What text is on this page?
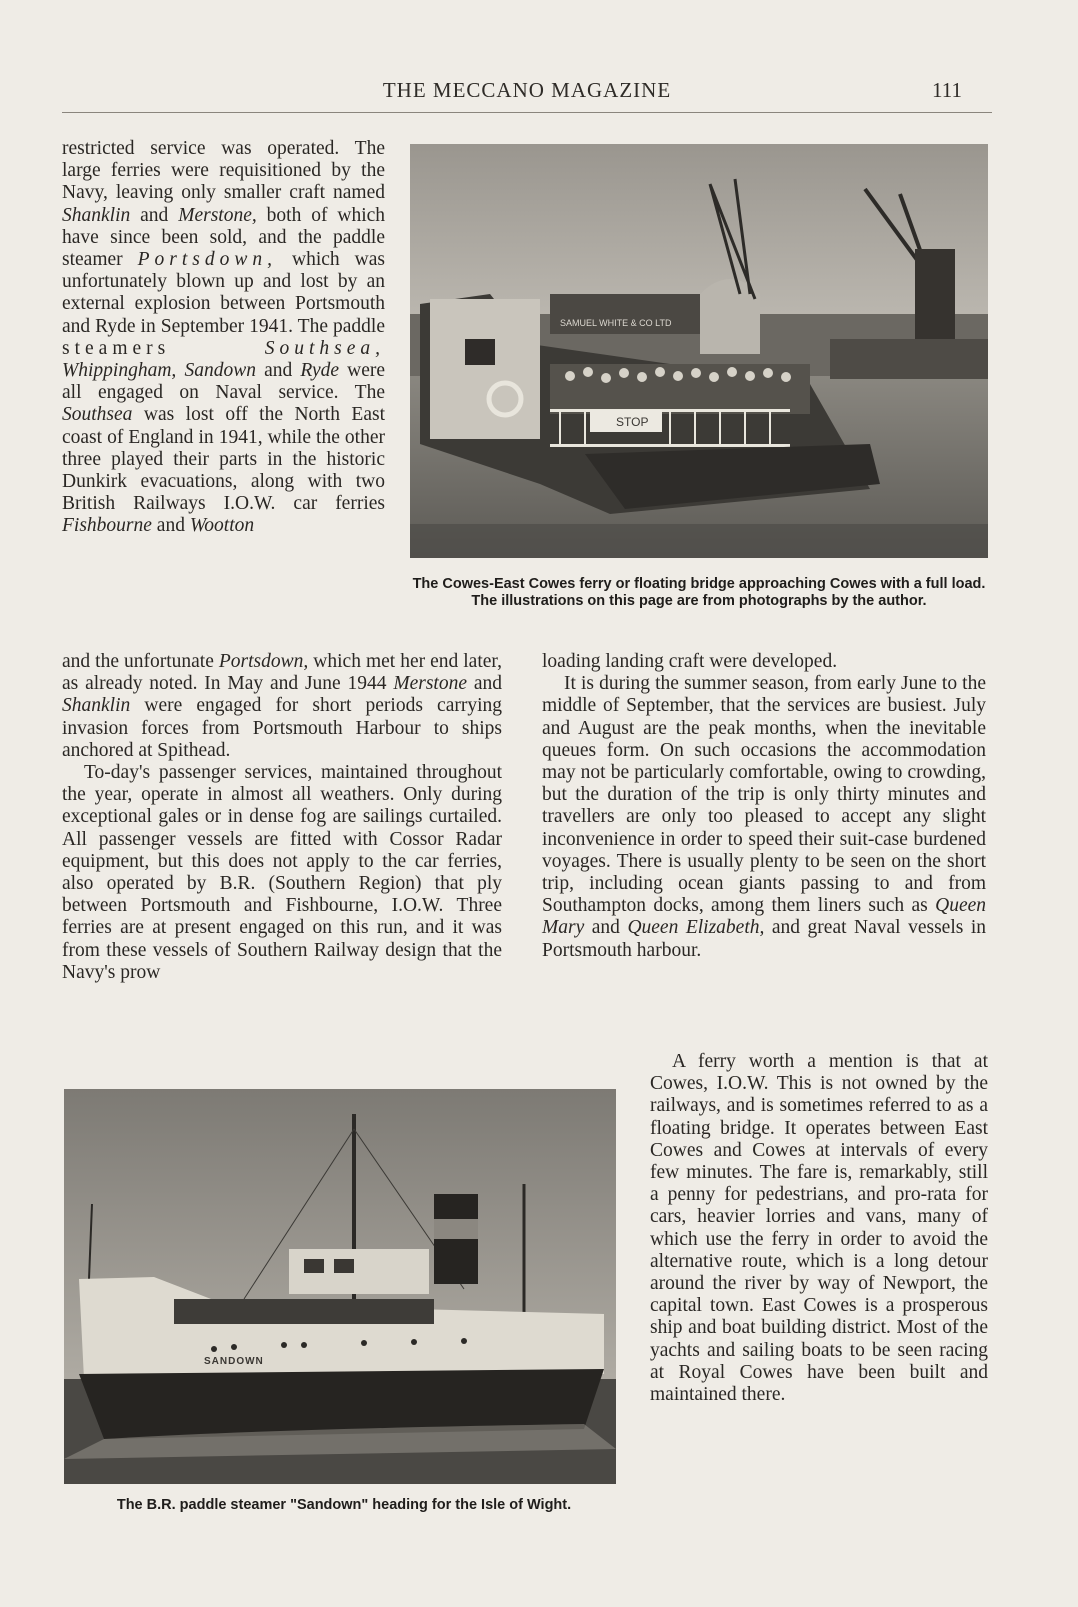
THE MECCANO MAGAZINE	111

restricted service was operated. The large ferries were requisitioned by the Navy, leaving only smaller craft named Shanklin and Merstone, both of which have since been sold, and the paddle steamer Portsdown, which was unfortunately blown up and lost by an external explosion between Portsmouth and Ryde in September 1941. The paddle steamers	Southsea, Whippingham, Sandown and Ryde were all engaged on Naval service. The Southsea was lost off the North East coast of England in 1941, while the other three played their parts in the historic Dunkirk evacuations, along with two British Railways I.O.W. car ferries Fishbourne and Wootton

and the unfortunate Portsdown, which met her end later, as already noted. In May and June 1944 Merstone and Shanklin were engaged for short periods carrying invasion forces from Portsmouth Harbour to ships anchored at Spithead.

To-day's passenger services, maintained throughout the year, operate in almost all weathers. Only during exceptional gales or in dense fog are sailings curtailed. All passenger vessels are fitted with Cossor Radar equipment, but this does not apply to the car ferries, also operated by B.R. (Southern Region) that ply between Portsmouth and Fishbourne, I.O.W. Three ferries are at present engaged on this run, and it was from these vessels of Southern Railway design that the Navy's prow

loading landing craft were developed.

It is during the summer season, from early June to the middle of September, that the services are busiest. July and August are the peak months, when the inevitable queues form. On such occasions the accommodation may not be particularly comfortable, owing to crowding, but the duration of the trip is only thirty minutes and travellers are only too pleased to accept any slight inconvenience in order to speed their suit-case burdened voyages. There is usually plenty to be seen on the short trip, including ocean giants passing to and from Southampton docks, among them liners such as Queen Mary and Queen Elizabeth, and great Naval vessels in Portsmouth harbour.

A ferry worth a mention is that at Cowes, I.O.W. This is not owned by the railways, and is sometimes referred to as a floating bridge. It operates between East Cowes and Cowes at intervals of every few minutes. The fare is, remarkably, still a penny for pedestrians, and pro-rata for cars, heavier lorries and vans, many of which use the ferry in order to avoid the alternative route, which is a long detour around the river by way of Newport, the capital town. East Cowes is a prosperous ship and boat building district. Most of the yachts and sailing boats to be seen racing at Royal Cowes have been built and maintained there.

SAMUEL WHITE & CO LTD
STOP
The Cowes-East Cowes ferry or floating bridge approaching Cowes with a full load. The illustrations on this page are from photographs by the author.
SANDOWN
The B.R. paddle steamer "Sandown" heading for the Isle of Wight.
